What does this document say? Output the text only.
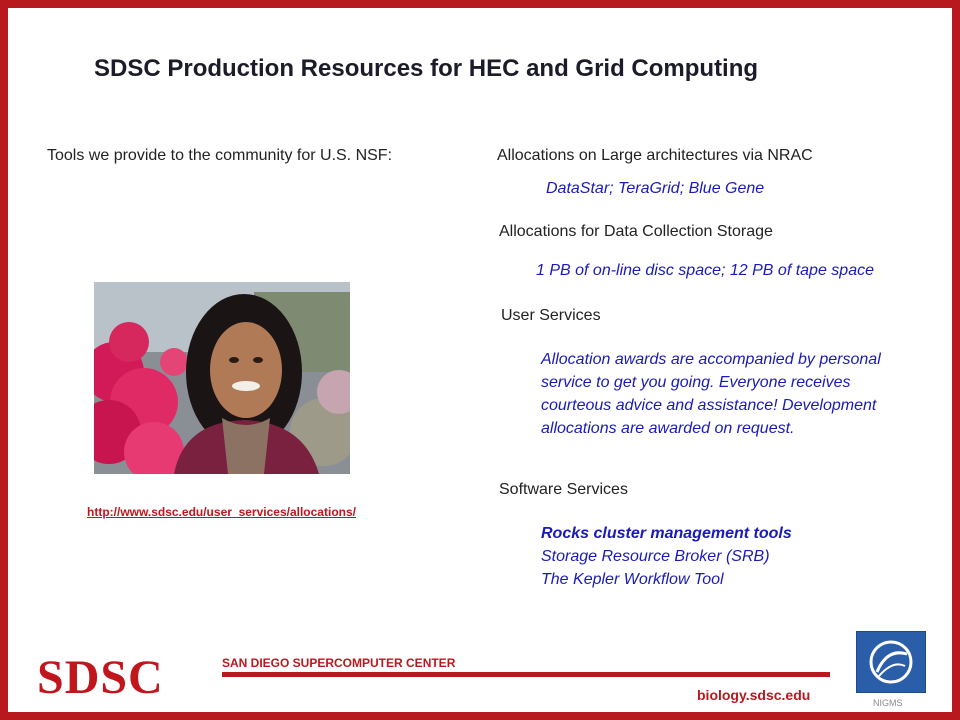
SDSC Production Resources for HEC and Grid Computing
Tools we provide to the community for U.S. NSF:	Allocations on Large architectures via NRAC
DataStar; TeraGrid; Blue Gene
Allocations for Data Collection Storage
1 PB of on-line disc space; 12 PB of tape space
User Services
Allocation awards are accompanied by personal service to get you going. Everyone receives courteous advice and assistance! Development allocations are awarded on request.
Software Services
Rocks cluster management tools
Storage Resource Broker (SRB)
The Kepler Workflow Tool
http://www.sdsc.edu/user_services/allocations/
SDSC	SAN DIEGO SUPERCOMPUTER CENTER
biology.sdsc.edu	NIGMS
